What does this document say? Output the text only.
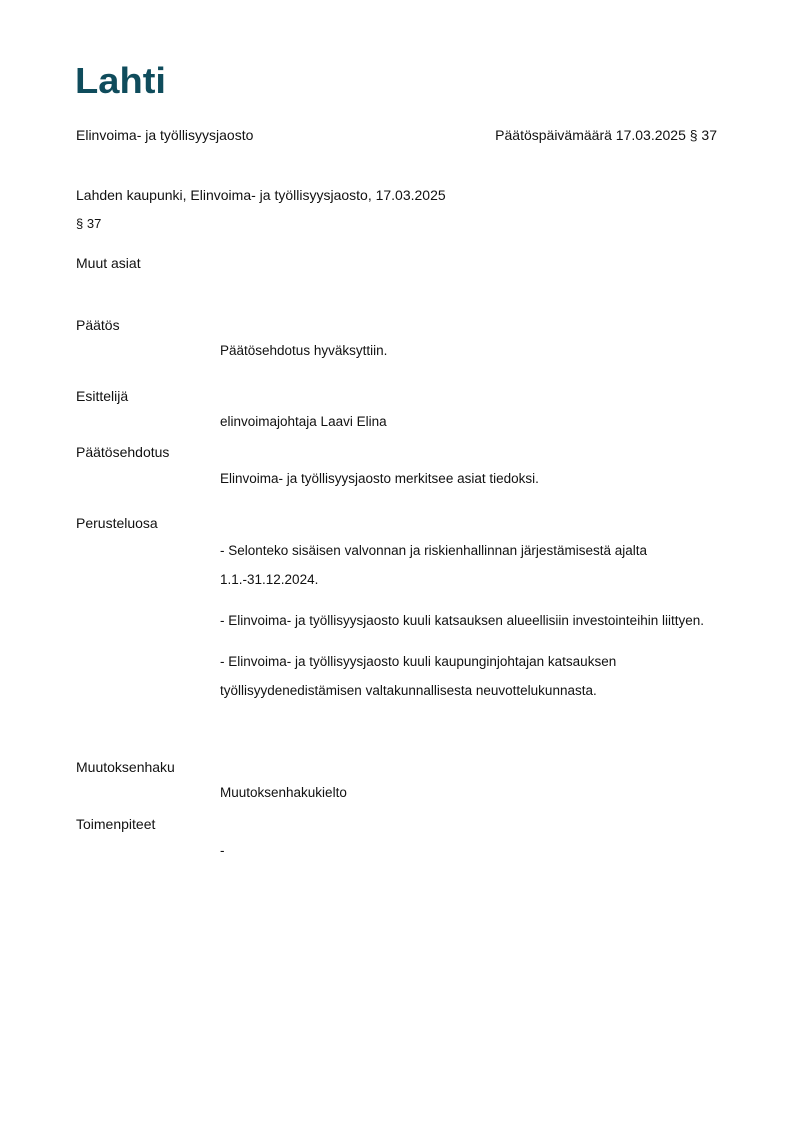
Lahti
Elinvoima- ja työllisyysjaosto	Päätöspäivämäärä 17.03.2025 § 37
Lahden kaupunki, Elinvoima- ja työllisyysjaosto, 17.03.2025
§ 37
Muut asiat
Päätös

Päätösehdotus hyväksyttiin.

Esittelijä

elinvoimajohtaja Laavi Elina

Päätösehdotus

Elinvoima- ja työllisyysjaosto merkitsee asiat tiedoksi.

Perusteluosa

- Selonteko sisäisen valvonnan ja riskienhallinnan järjestämisestä ajalta 1.1.-31.12.2024.

- Elinvoima- ja työllisyysjaosto kuuli katsauksen alueellisiin investointeihin liittyen.

- Elinvoima- ja työllisyysjaosto kuuli kaupunginjohtajan katsauksen työllisyydenedistämisen valtakunnallisesta neuvottelukunnasta.

Muutoksenhaku

Muutoksenhakukielto

Toimenpiteet

-
